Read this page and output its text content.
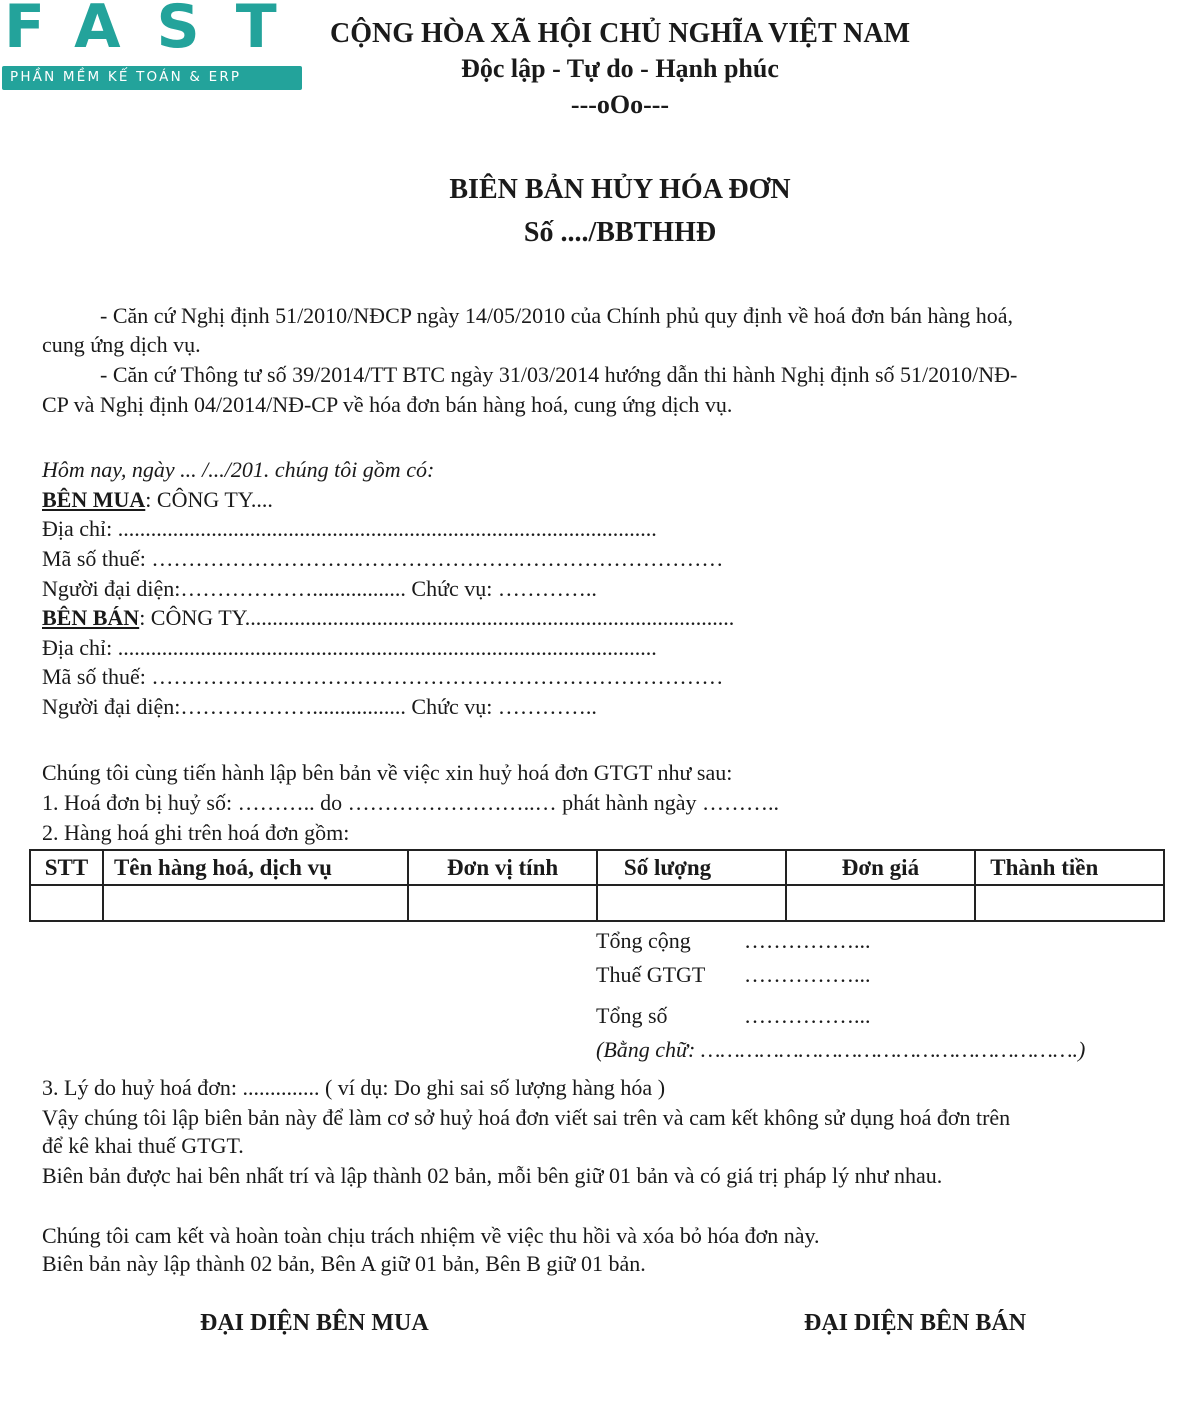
FAST
PHẦN MỀM KẾ TOÁN & ERP
CỘNG HÒA XÃ HỘI CHỦ NGHĨA VIỆT NAM
Độc lập - Tự do - Hạnh phúc
---oOo---
BIÊN BẢN HỦY HÓA ĐƠN
Số ..../BBTHHĐ
- Căn cứ Nghị định 51/2010/NĐCP ngày 14/05/2010 của Chính phủ quy định về hoá đơn bán hàng hoá,
cung ứng dịch vụ.
- Căn cứ Thông tư số 39/2014/TT BTC ngày 31/03/2014 hướng dẫn thi hành Nghị định số 51/2010/NĐ-
CP và Nghị định 04/2014/NĐ-CP về hóa đơn bán hàng hoá, cung ứng dịch vụ.
Hôm nay, ngày ... /.../201. chúng tôi gồm có:
BÊN MUA: CÔNG TY....
Địa chỉ: ..................................................................................................
Mã số thuế: ……………………………………………………………………
Người đại diện:………………................. Chức vụ: …………..
BÊN BÁN: CÔNG TY.........................................................................................
Địa chỉ: ..................................................................................................
Mã số thuế: ……………………………………………………………………
Người đại diện:………………................. Chức vụ: …………..
Chúng tôi cùng tiến hành lập bên bản về việc xin huỷ hoá đơn GTGT như sau:
1. Hoá đơn bị huỷ số: ……….. do ……………………..… phát hành ngày ………..
2. Hàng hoá ghi trên hoá đơn gồm:
STT	Tên hàng hoá, dịch vụ	Đơn vị tính	Số lượng	Đơn giá	Thành tiền

Tổng cộng ……………...
Thuế GTGT ……………...
Tổng số	……………...
(Bằng chữ: ………………………………………………….)
3. Lý do huỷ hoá đơn: .............. ( ví dụ: Do ghi sai số lượng hàng hóa )
Vậy chúng tôi lập biên bản này để làm cơ sở huỷ hoá đơn viết sai trên và cam kết không sử dụng hoá đơn trên
để kê khai thuế GTGT.
Biên bản được hai bên nhất trí và lập thành 02 bản, mỗi bên giữ 01 bản và có giá trị pháp lý như nhau.
Chúng tôi cam kết và hoàn toàn chịu trách nhiệm về việc thu hồi và xóa bỏ hóa đơn này.
Biên bản này lập thành 02 bản, Bên A giữ 01 bản, Bên B giữ 01 bản.
ĐẠI DIỆN BÊN MUA	ĐẠI DIỆN BÊN BÁN
